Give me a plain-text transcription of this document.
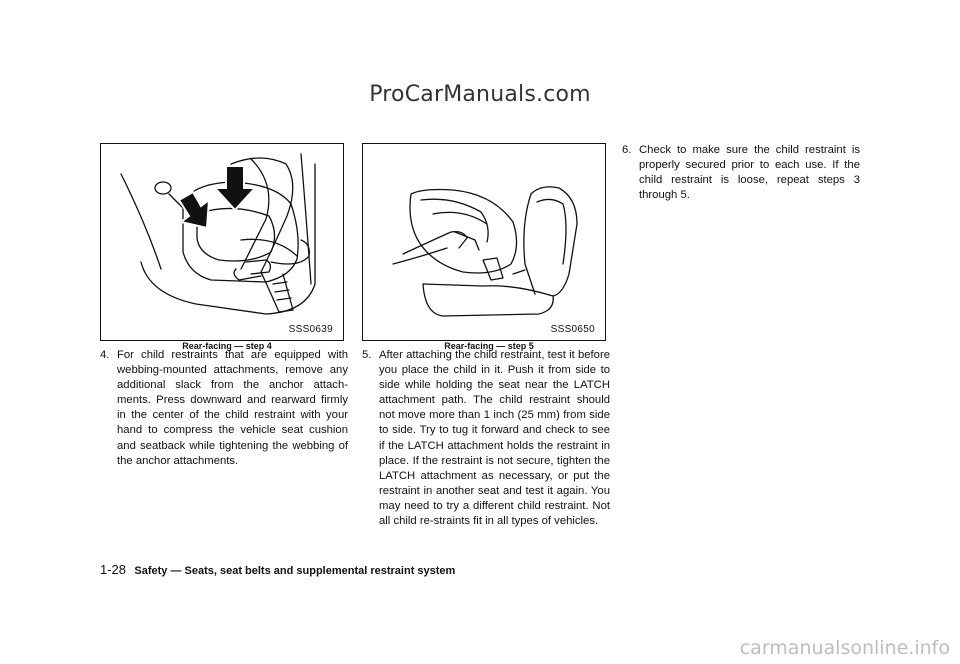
ProCarManuals.com
SSS0639
Rear-facing — step 4
SSS0650
Rear-facing — step 5
4. For child restraints that are equipped with webbing-mounted attachments, remove any additional slack from the anchor attach-ments. Press downward and rearward firmly in the center of the child restraint with your hand to compress the vehicle seat cushion and seatback while tightening the webbing of the anchor attachments.
5. After attaching the child restraint, test it before you place the child in it. Push it from side to side while holding the seat near the LATCH attachment path. The child restraint should not move more than 1 inch (25 mm) from side to side. Try to tug it forward and check to see if the LATCH attachment holds the restraint in place. If the restraint is not secure, tighten the LATCH attachment as necessary, or put the restraint in another seat and test it again. You may need to try a different child restraint. Not all child re-straints fit in all types of vehicles.
6. Check to make sure the child restraint is properly secured prior to each use. If the child restraint is loose, repeat steps 3 through 5.
1-28 Safety — Seats, seat belts and supplemental restraint system
carmanualsonline.info
